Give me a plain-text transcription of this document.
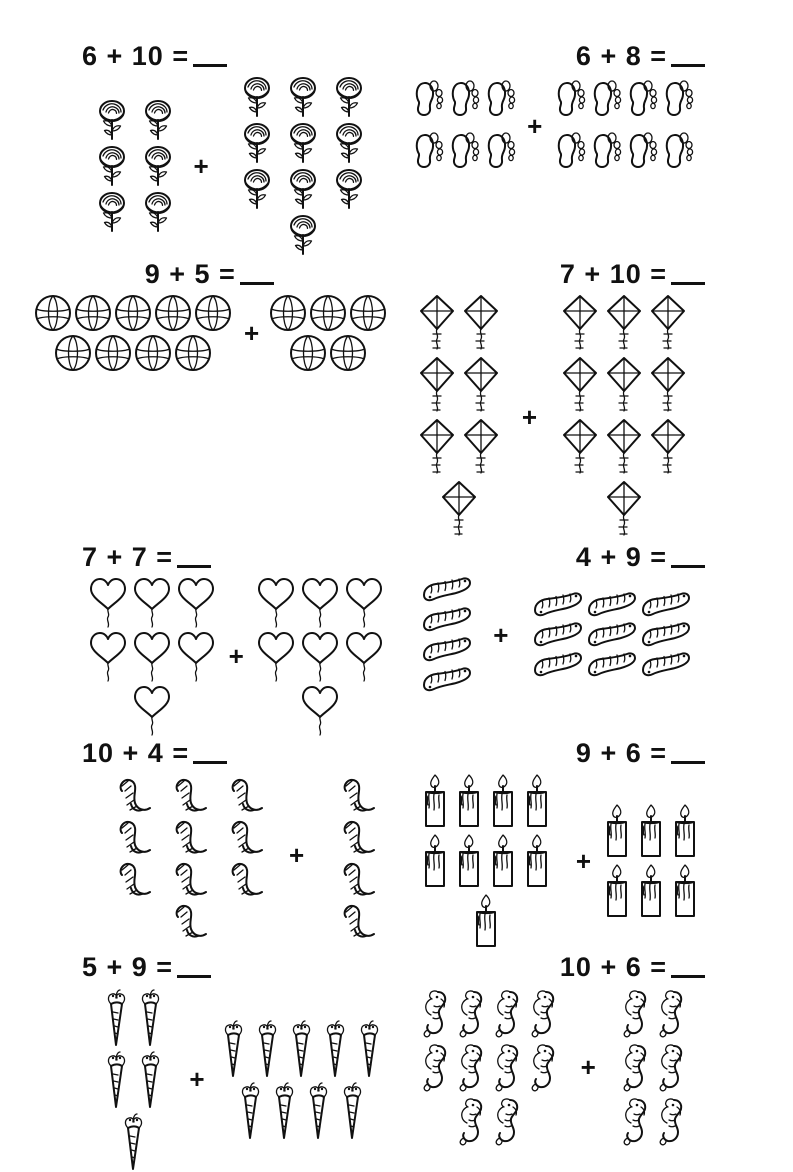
6 + 10 =
+
6 + 8 =
+
9 + 5 =
+
7 + 10 =
+
7 + 7 =
+
4 + 9 =
+
10 + 4 =
+
9 + 6 =
+
5 + 9 =
+
10 + 6 =
+
